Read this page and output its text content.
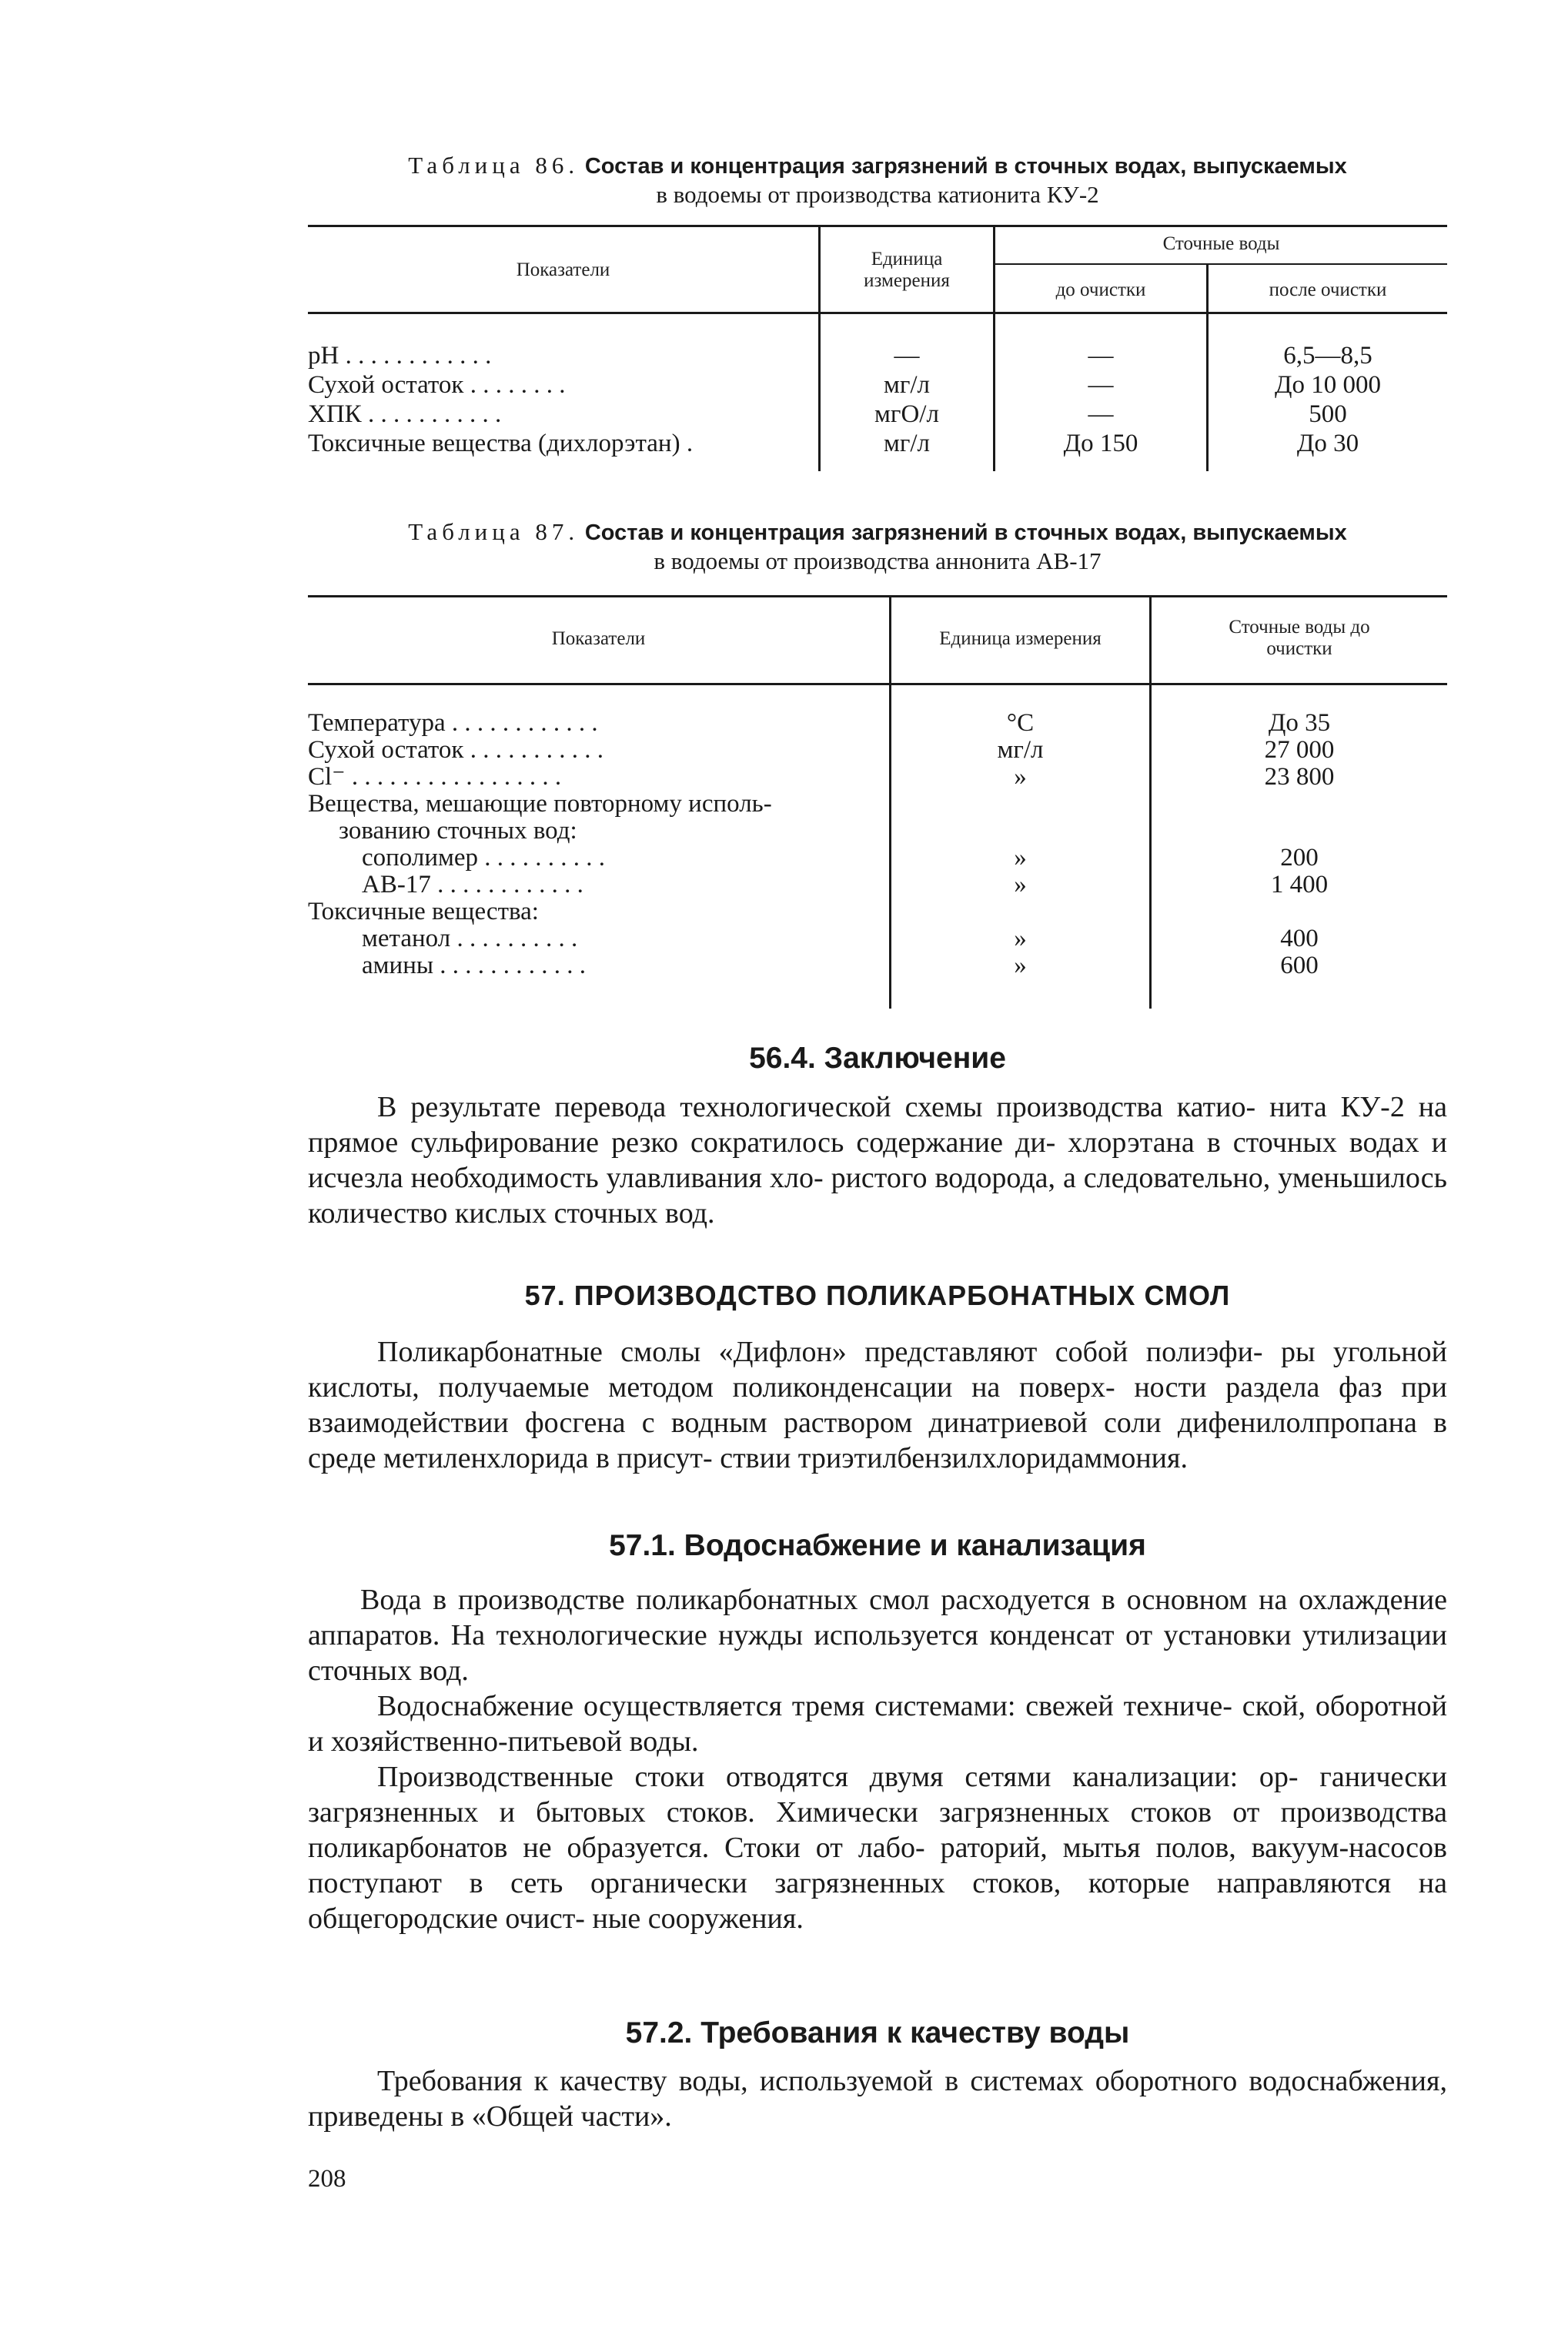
Таблица 86. Состав и концентрация загрязнений в сточных водах, выпускаемых
в водоемы от производства катионита КУ-2
Показатели
Единица
измерения
Сточные воды
до очистки	после очистки
рН . . . . . . . . . . . .	—	—	6,5—8,5
Сухой остаток . . . . . . . .	мг/л	—	До 10 000
ХПК . . . . . . . . . . .	мгО/л	—	500
Токсичные вещества (дихлорэтан) .	мг/л	До 150	До 30
Таблица 87. Состав и концентрация загрязнений в сточных водах, выпускаемых
в водоемы от производства аннонита АВ-17
Показатели	Единица измерения
Сточные воды до
очистки
Температура . . . . . . . . . . . .	°С	До 35
Сухой остаток . . . . . . . . . . .	мг/л	27 000
Cl⁻ . . . . . . . . . . . . . . . . .	»	23 800
Вещества, мешающие повторному исполь-
зованию сточных вод:
сополимер . . . . . . . . . .	»	200
АВ-17 . . . . . . . . . . . .	»	1 400
Токсичные вещества:
метанол . . . . . . . . . .	»	400
амины . . . . . . . . . . . .	»	600
56.4. Заключение
В результате перевода технологической схемы производства катио- нита КУ-2 на прямое сульфирование резко сократилось содержание ди- хлорэтана в сточных водах и исчезла необходимость улавливания хло- ристого водорода, а следовательно, уменьшилось количество кислых сточных вод.
57. ПРОИЗВОДСТВО ПОЛИКАРБОНАТНЫХ СМОЛ
Поликарбонатные смолы «Дифлон» представляют собой полиэфи- ры угольной кислоты, получаемые методом поликонденсации на поверх- ности раздела фаз при взаимодействии фосгена с водным раствором динатриевой соли дифенилолпропана в среде метиленхлорида в присут- ствии триэтилбензилхлоридаммония.
57.1. Водоснабжение и канализация
Вода в производстве поликарбонатных смол расходуется в основном на охлаждение аппаратов. На технологические нужды используется конденсат от установки утилизации сточных вод.
Водоснабжение осуществляется тремя системами: свежей техниче- ской, оборотной и хозяйственно-питьевой воды.
Производственные стоки отводятся двумя сетями канализации: ор- ганически загрязненных и бытовых стоков. Химически загрязненных стоков от производства поликарбонатов не образуется. Стоки от лабо- раторий, мытья полов, вакуум-насосов поступают в сеть органически загрязненных стоков, которые направляются на общегородские очист- ные сооружения.
57.2. Требования к качеству воды
Требования к качеству воды, используемой в системах оборотного водоснабжения, приведены в «Общей части».
208
